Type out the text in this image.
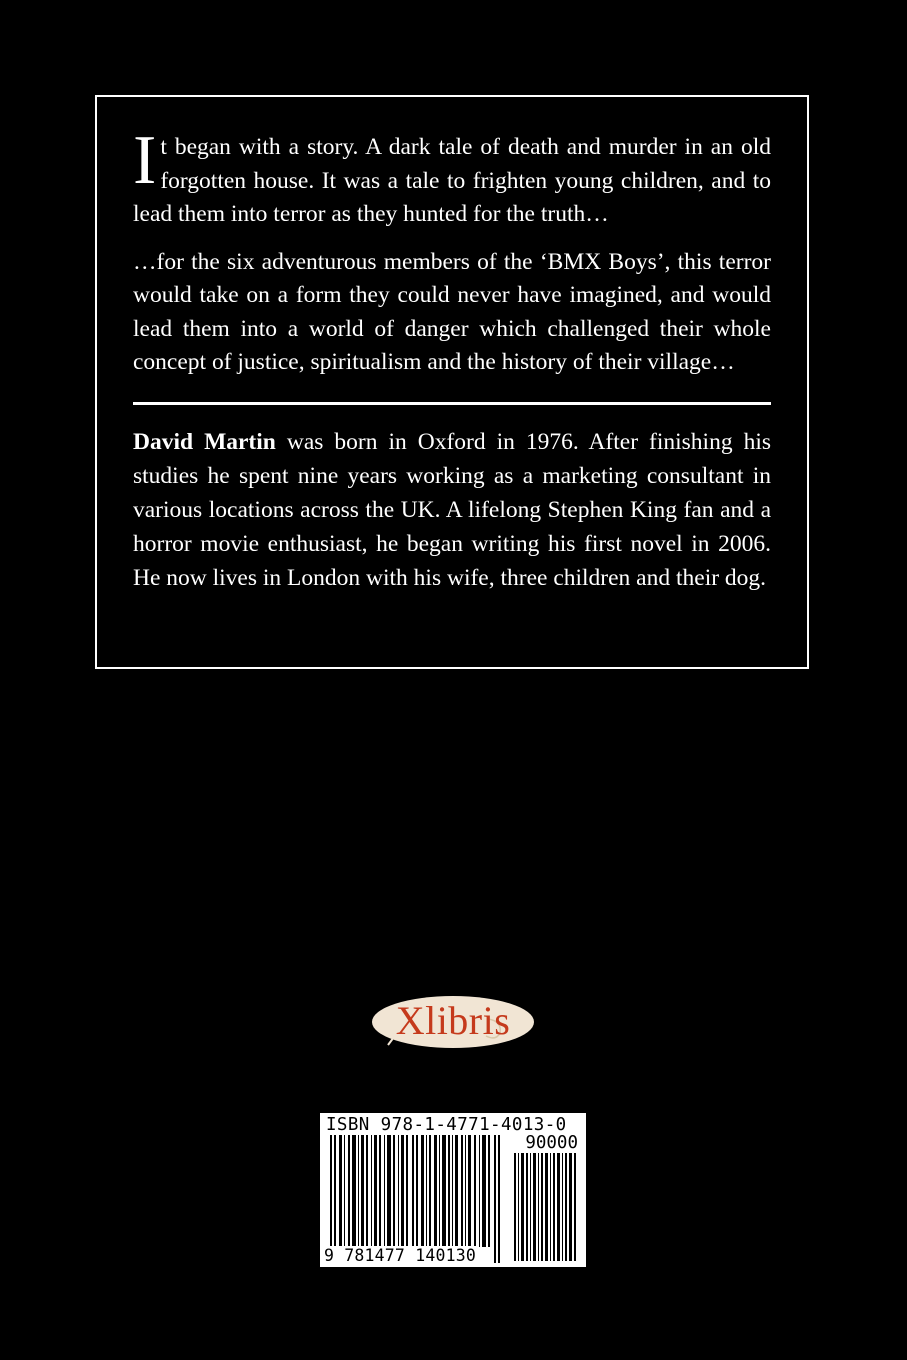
It began with a story. A dark tale of death and murder in an old forgotten house. It was a tale to frighten young children, and to lead them into terror as they hunted for the truth…

…for the six adventurous members of the ‘BMX Boys’, this terror would take on a form they could never have imagined, and would lead them into a world of danger which challenged their whole concept of justice, spiritualism and the history of their village…

David Martin was born in Oxford in 1976. After finishing his studies he spent nine years working as a marketing consultant in various locations across the UK. A lifelong Stephen King fan and a horror movie enthusiast, he began writing his first novel in 2006. He now lives in London with his wife, three children and their dog.

Xlibris
ISBN 978-1-4771-4013-0
90000
9 781477 140130
